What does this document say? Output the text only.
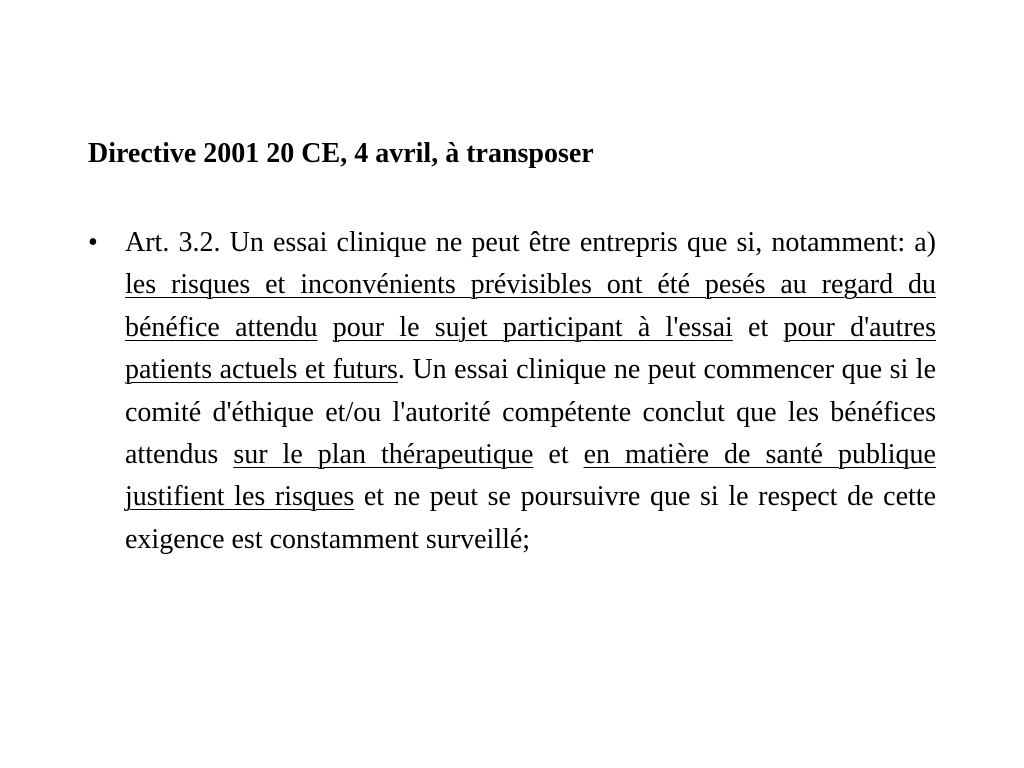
Directive 2001 20 CE, 4 avril, à transposer
• Art. 3.2. Un essai clinique ne peut être entrepris que si, notamment: a) les risques et inconvénients prévisibles ont été pesés au regard du bénéfice attendu pour le sujet participant à l'essai et pour d'autres patients actuels et futurs. Un essai clinique ne peut commencer que si le comité d'éthique et/ou l'autorité compétente conclut que les bénéfices attendus sur le plan thérapeutique et en matière de santé publique justifient les risques et ne peut se poursuivre que si le respect de cette exigence est constamment surveillé;
